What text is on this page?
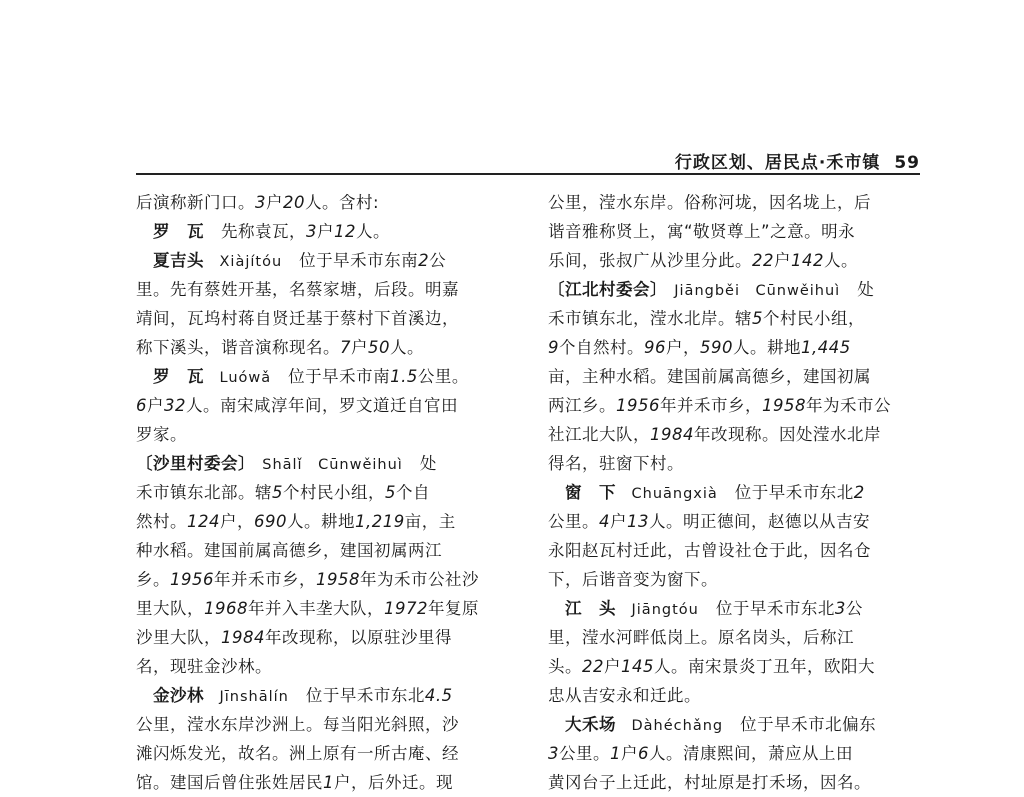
行政区划、居民点·禾市镇 59
后演称新门口。3户20人。含村:
　罗　瓦　先称袁瓦，3户12人。
　夏吉头　Xiàjítóu　位于早禾市东南2公
里。先有蔡姓开基，名蔡家塘，后段。明嘉
靖间，瓦坞村蒋自贤迁基于蔡村下首溪边，
称下溪头，谐音演称现名。7户50人。
　罗　瓦　Luówǎ　位于早禾市南1.5公里。
6户32人。南宋咸淳年间，罗文道迁自官田
罗家。
〔沙里村委会〕　Shālǐ　Cūnwěihuì　处
禾市镇东北部。辖5个村民小组，5个自
然村。124户，690人。耕地1,219亩，主
种水稻。建国前属高德乡，建国初属两江
乡。1956年并禾市乡，1958年为禾市公社沙
里大队，1968年并入丰垄大队，1972年复原
沙里大队，1984年改现称，以原驻沙里得
名，现驻金沙林。
　金沙林　Jīnshālín　位于早禾市东北4.5
公里，滢水东岸沙洲上。每当阳光斜照，沙
滩闪烁发光，故名。洲上原有一所古庵、经
馆。建国后曾住张姓居民1户，后外迁。现
公里，滢水东岸。俗称河垅，因名垅上，后
谐音雅称贤上，寓“敬贤尊上”之意。明永
乐间，张叔广从沙里分此。22户142人。
〔江北村委会〕　Jiāngběi　Cūnwěihuì　处
禾市镇东北，滢水北岸。辖5个村民小组，
9个自然村。96户，590人。耕地1,445
亩，主种水稻。建国前属高德乡，建国初属
两江乡。1956年并禾市乡，1958年为禾市公
社江北大队，1984年改现称。因处滢水北岸
得名，驻窗下村。
　窗　下　Chuāngxià　位于早禾市东北2
公里。4户13人。明正德间，赵德以从吉安
永阳赵瓦村迁此，古曾设社仓于此，因名仓
下，后谐音变为窗下。
　江　头　Jiāngtóu　位于早禾市东北3公
里，滢水河畔低岗上。原名岗头，后称江
头。22户145人。南宋景炎丁丑年，欧阳大
忠从吉安永和迁此。
　大禾场　Dàhéchǎng　位于早禾市北偏东
3公里。1户6人。清康熙间，萧应从上田
黄冈台子上迁此，村址原是打禾场，因名。
